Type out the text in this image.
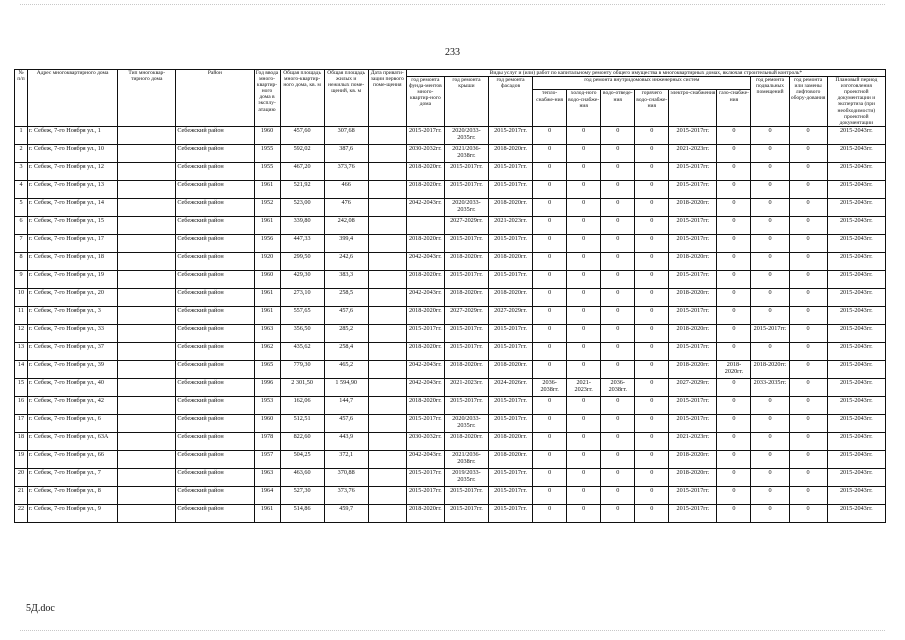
233
№ п/п	Адрес многоквартирного дома	Тип многоквар-тирного дома	Район	Год ввода много-квартир-ного дома в эксплу-атацию	Общая площадь много-квартир-ного дома, кв. м	Общая площадь жилых и нежилых поме-щений, кв. м	Дата привати-зации первого поме-щения	Виды услуг и (или) работ по капитальному ремонту общего имущества в многоквартирных домах, включая строительный контроль*											
								год ремонта фунда-ментов много-квартир-ного дома	год ремонта крыши	год ремонта фасадов	год ремонта внутридомовых инженерных систем						год ремонта подвальных помещений	год ремонта или замены лифтового обору-дования	Плановый период изготовления проектной документации и экспертиза (при необходимости) проектной документации
											тепло-снабже-ния	холод-ного водо-снабже-ния	водо-отведе-ния	горячего водо-снабже-ния	электро-снабжения	газо-снабже-ния			
1	г. Себеж, 7-го Ноября ул., 1		Себежский район	1960	457,60	307,68		2015-2017гг.	2020/2033-2035гг.	2015-2017гг.	0	0	0	0	2015-2017гг.	0	0	0	2015-2043гг.
2	г. Себеж, 7-го Ноября ул., 10		Себежский район	1955	592,02	387,6		2030-2032гг.	2021/2036-2038гг.	2018-2020гг.	0	0	0	0	2021-2023гг.	0	0	0	2015-2043гг.
3	г. Себеж, 7-го Ноября ул., 12		Себежский район	1955	467,20	373,76		2018-2020гг.	2015-2017гг.	2015-2017гг.	0	0	0	0	2015-2017гг.	0	0	0	2015-2043гг.
4	г. Себеж, 7-го Ноября ул., 13		Себежский район	1961	521,92	466		2018-2020гг.	2015-2017гг.	2015-2017гг.	0	0	0	0	2015-2017гг.	0	0	0	2015-2043гг.
5	г. Себеж, 7-го Ноября ул., 14		Себежский район	1952	523,00	476		2042-2043гг.	2020/2033-2035гг.	2018-2020гг.	0	0	0	0	2018-2020гг.	0	0	0	2015-2043гг.
6	г. Себеж, 7-го Ноября ул., 15		Себежский район	1961	339,80	242,08			2027-2029гг.	2021-2023гг.	0	0	0	0	2015-2017гг.	0	0	0	2015-2043гг.
7	г. Себеж, 7-го Ноября ул., 17		Себежский район	1956	447,33	399,4		2018-2020гг.	2015-2017гг.	2015-2017гг.	0	0	0	0	2015-2017гг.	0	0	0	2015-2043гг.
8	г. Себеж, 7-го Ноября ул., 18		Себежский район	1920	299,50	242,6		2042-2043гг.	2018-2020гг.	2018-2020гг.	0	0	0	0	2018-2020гг.	0	0	0	2015-2043гг.
9	г. Себеж, 7-го Ноября ул., 19		Себежский район	1960	429,30	383,3		2018-2020гг.	2015-2017гг.	2015-2017гг.	0	0	0	0	2015-2017гг.	0	0	0	2015-2043гг.
10	г. Себеж, 7-го Ноября ул., 20		Себежский район	1961	273,10	258,5		2042-2043гг.	2018-2020гг.	2018-2020гг.	0	0	0	0	2018-2020гг.	0	0	0	2015-2043гг.
11	г. Себеж, 7-го Ноября ул., 3		Себежский район	1961	557,65	457,6		2018-2020гг.	2027-2029гг.	2027-2029гг.	0	0	0	0	2015-2017гг.	0	0	0	2015-2043гг.
12	г. Себеж, 7-го Ноября ул., 33		Себежский район	1963	356,50	285,2		2015-2017гг.	2015-2017гг.	2015-2017гг.	0	0	0	0	2018-2020гг.	0	2015-2017гг.	0	2015-2043гг.
13	г. Себеж, 7-го Ноября ул., 37		Себежский район	1962	435,62	258,4		2018-2020гг.	2015-2017гг.	2015-2017гг.	0	0	0	0	2015-2017гг.	0	0	0	2015-2043гг.
14	г. Себеж, 7-го Ноября ул., 39		Себежский район	1965	779,30	465,2		2042-2043гг.	2018-2020гг.	2018-2020гг.	0	0	0	0	2018-2020гг.	2018-2020гг.	2018-2020гг.	0	2015-2043гг.
15	г. Себеж, 7-го Ноября ул., 40		Себежский район	1996	2 301,50	1 594,90		2042-2043гг.	2021-2023гг.	2024-2026гг.	2036-2038гг.	2021-2023гг.	2036-2038гг.	0	2027-2029гг.	0	2033-2035гг.	0	2015-2043гг.
16	г. Себеж, 7-го Ноября ул., 42		Себежский район	1953	162,06	144,7		2018-2020гг.	2015-2017гг.	2015-2017гг.	0	0	0	0	2015-2017гг.	0	0	0	2015-2043гг.
17	г. Себеж, 7-го Ноября ул., 6		Себежский район	1960	512,51	457,6		2015-2017гг.	2020/2033-2035гг.	2015-2017гг.	0	0	0	0	2015-2017гг.	0	0	0	2015-2043гг.
18	г. Себеж, 7-го Ноября ул., 63А		Себежский район	1978	822,60	443,9		2030-2032гг.	2018-2020гг.	2018-2020гг.	0	0	0	0	2021-2023гг.	0	0	0	2015-2043гг.
19	г. Себеж, 7-го Ноября ул., 66		Себежский район	1957	504,25	372,1		2042-2043гг.	2021/2036-2038гг.	2018-2020гг.	0	0	0	0	2018-2020гг.	0	0	0	2015-2043гг.
20	г. Себеж, 7-го Ноября ул., 7		Себежский район	1963	463,60	370,88		2015-2017гг.	2019/2033-2035гг.	2015-2017гг.	0	0	0	0	2018-2020гг.	0	0	0	2015-2043гг.
21	г. Себеж, 7-го Ноября ул., 8		Себежский район	1964	527,30	373,76		2015-2017гг.	2015-2017гг.	2015-2017гг.	0	0	0	0	2015-2017гг.	0	0	0	2015-2043гг.
22	г. Себеж, 7-го Ноября ул., 9		Себежский район	1961	514,86	459,7		2018-2020гг.	2015-2017гг.	2015-2017гг.	0	0	0	0	2015-2017гг.	0	0	0	2015-2043гг.
5Д.doc
